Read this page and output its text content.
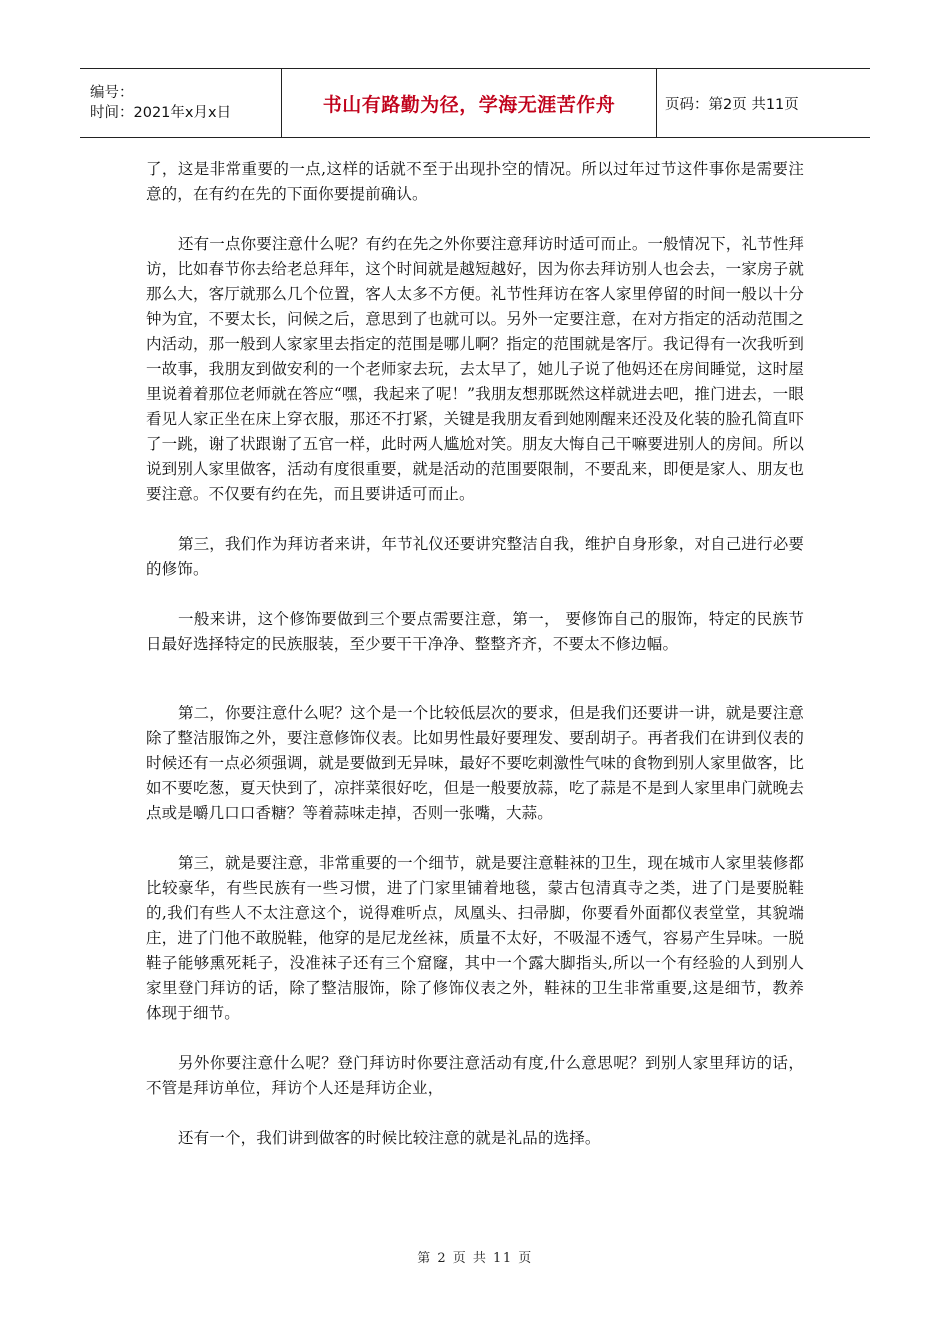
编号：
时间：2021年x月x日	书山有路勤为径，学海无涯苦作舟	页码：第2页 共11页

了，这是非常重要的一点,这样的话就不至于出现扑空的情况。所以过年过节这件事你是需要注意的，在有约在先的下面你要提前确认。

还有一点你要注意什么呢？有约在先之外你要注意拜访时适可而止。一般情况下，礼节性拜访，比如春节你去给老总拜年，这个时间就是越短越好，因为你去拜访别人也会去，一家房子就那么大，客厅就那么几个位置，客人太多不方便。礼节性拜访在客人家里停留的时间一般以十分钟为宜，不要太长，问候之后，意思到了也就可以。另外一定要注意，在对方指定的活动范围之内活动，那一般到人家家里去指定的范围是哪儿啊？指定的范围就是客厅。我记得有一次我听到一故事，我朋友到做安利的一个老师家去玩，去太早了，她儿子说了他妈还在房间睡觉，这时屋里说着着那位老师就在答应“嘿，我起来了呢！”我朋友想那既然这样就进去吧，推门进去，一眼看见人家正坐在床上穿衣服，那还不打紧，关键是我朋友看到她刚醒来还没及化装的脸孔简直吓了一跳，谢了状跟谢了五官一样，此时两人尴尬对笑。朋友大悔自己干嘛要进别人的房间。所以说到别人家里做客，活动有度很重要，就是活动的范围要限制，不要乱来，即便是家人、朋友也要注意。不仅要有约在先，而且要讲适可而止。

第三，我们作为拜访者来讲，年节礼仪还要讲究整洁自我，维护自身形象，对自己进行必要的修饰。

一般来讲，这个修饰要做到三个要点需要注意，第一， 要修饰自己的服饰，特定的民族节日最好选择特定的民族服装，至少要干干净净、整整齐齐，不要太不修边幅。

第二，你要注意什么呢？这个是一个比较低层次的要求，但是我们还要讲一讲，就是要注意除了整洁服饰之外，要注意修饰仪表。比如男性最好要理发、要刮胡子。再者我们在讲到仪表的时候还有一点必须强调，就是要做到无异味，最好不要吃刺激性气味的食物到别人家里做客，比如不要吃葱，夏天快到了，凉拌菜很好吃，但是一般要放蒜，吃了蒜是不是到人家里串门就晚去点或是嚼几口口香糖？等着蒜味走掉，否则一张嘴，大蒜。

第三，就是要注意，非常重要的一个细节，就是要注意鞋袜的卫生，现在城市人家里装修都比较豪华，有些民族有一些习惯，进了门家里铺着地毯，蒙古包清真寺之类，进了门是要脱鞋的,我们有些人不太注意这个，说得难听点，凤凰头、扫帚脚，你要看外面都仪表堂堂，其貌端庄，进了门他不敢脱鞋，他穿的是尼龙丝袜，质量不太好，不吸湿不透气，容易产生异味。一脱鞋子能够熏死耗子，没准袜子还有三个窟窿，其中一个露大脚指头,所以一个有经验的人到别人家里登门拜访的话，除了整洁服饰，除了修饰仪表之外，鞋袜的卫生非常重要,这是细节，教养体现于细节。

另外你要注意什么呢？登门拜访时你要注意活动有度,什么意思呢？到别人家里拜访的话，不管是拜访单位，拜访个人还是拜访企业，

还有一个，我们讲到做客的时候比较注意的就是礼品的选择。

第 2 页 共 11 页
